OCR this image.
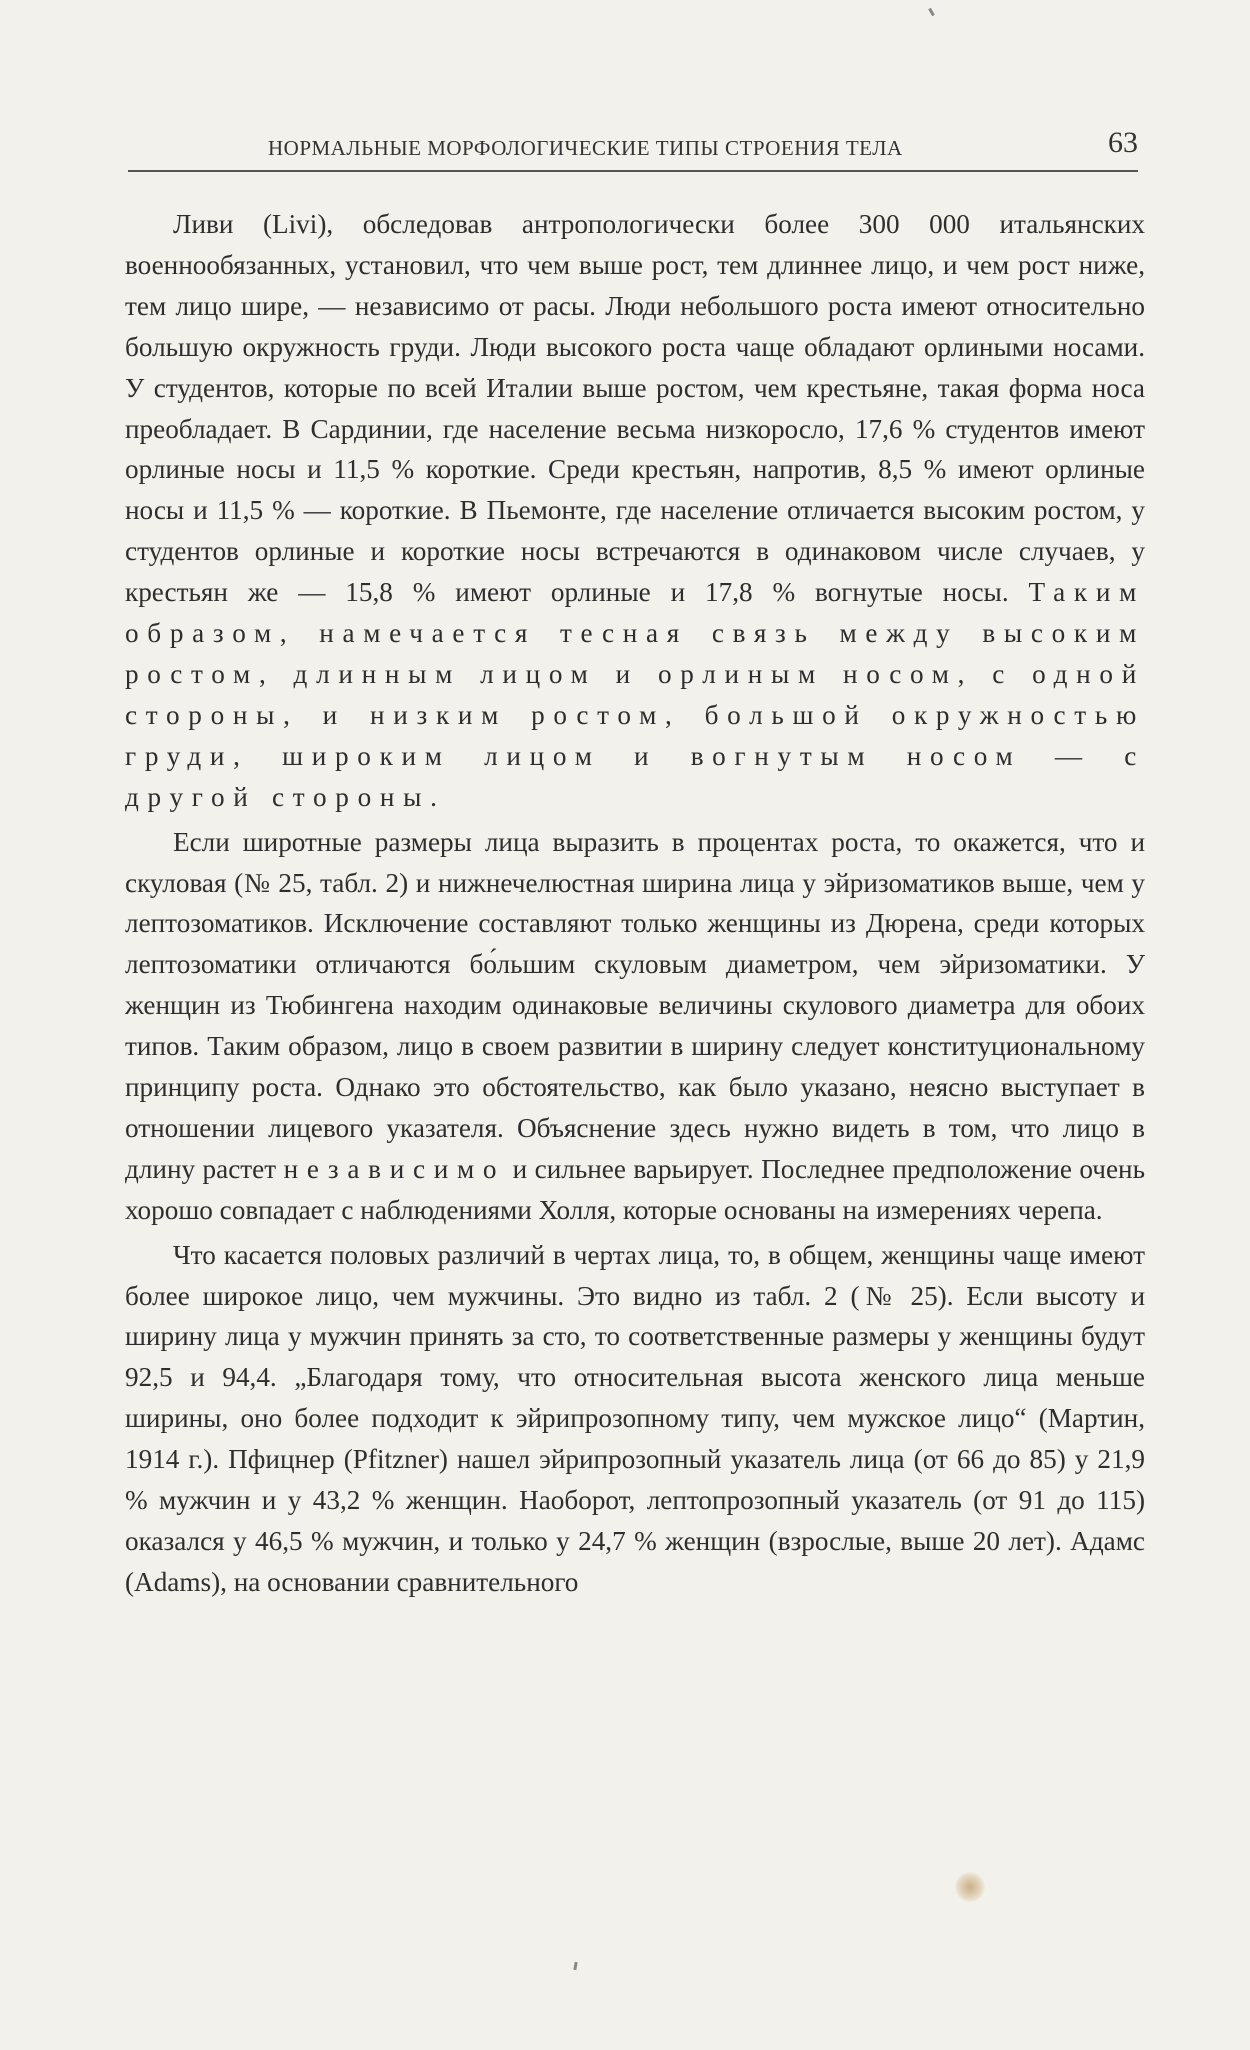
НОРМАЛЬНЫЕ МОРФОЛОГИЧЕСКИЕ ТИПЫ СТРОЕНИЯ ТЕЛА	63

Ливи (Livi), обследовав антропологически более 300 000 итальянских военнообязанных, установил, что чем выше рост, тем длиннее лицо, и чем рост ниже, тем лицо шире, — независимо от расы. Люди небольшого роста имеют относительно большую окружность груди. Люди высокого роста чаще обладают орлиными носами. У студентов, которые по всей Италии выше ростом, чем крестьяне, такая форма носа преобладает. В Сардинии, где население весьма низкоросло, 17,6 % студентов имеют орлиные носы и 11,5 % короткие. Среди крестьян, напротив, 8,5 % имеют орлиные носы и 11,5 % — короткие. В Пьемонте, где население отличается высоким ростом, у студентов орлиные и короткие носы встречаются в одинаковом числе случаев, у крестьян же — 15,8 % имеют орлиные и 17,8 % вогнутые носы. Таким образом, намечается тесная связь между высоким ростом, длинным лицом и орлиным носом, с одной стороны, и низким ростом, большой окружностью груди, широким лицом и вогнутым носом — с другой стороны.

Если широтные размеры лица выразить в процентах роста, то окажется, что и скуловая (№ 25, табл. 2) и нижнечелюстная ширина лица у эйризоматиков выше, чем у лептозоматиков. Исключение составляют только женщины из Дюрена, среди которых лептозоматики отличаются бо́льшим скуловым диаметром, чем эйризоматики. У женщин из Тюбингена находим одинаковые величины скулового диаметра для обоих типов. Таким образом, лицо в своем развитии в ширину следует конституциональному принципу роста. Однако это обстоятельство, как было указано, неясно выступает в отношении лицевого указателя. Объяснение здесь нужно видеть в том, что лицо в длину растет независимо и сильнее варьирует. Последнее предположение очень хорошо совпадает с наблюдениями Холля, которые основаны на измерениях черепа.

Что касается половых различий в чертах лица, то, в общем, женщины чаще имеют более широкое лицо, чем мужчины. Это видно из табл. 2 (№ 25). Если высоту и ширину лица у мужчин принять за сто, то соответственные размеры у женщины будут 92,5 и 94,4. „Благодаря тому, что относительная высота женского лица меньше ширины, оно более подходит к эйрипрозопному типу, чем мужское лицо“ (Мартин, 1914 г.). Пфицнер (Pfitzner) нашел эйрипрозопный указатель лица (от 66 до 85) у 21,9 % мужчин и у 43,2 % женщин. Наоборот, лептопрозопный указатель (от 91 до 115) оказался у 46,5 % мужчин, и только у 24,7 % женщин (взрослые, выше 20 лет). Адамс (Adams), на основании сравнительного
